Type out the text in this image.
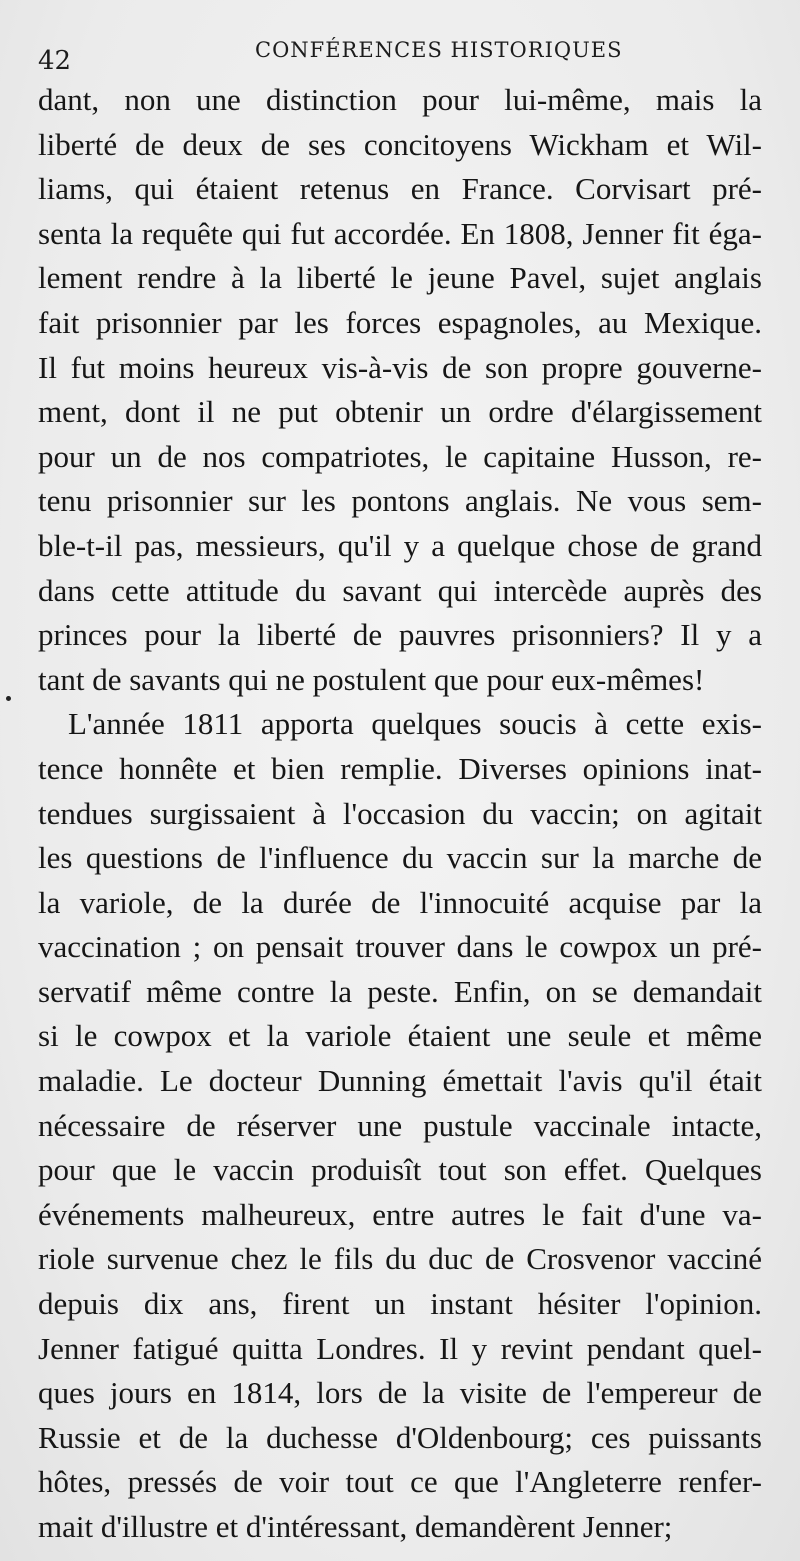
42	CONFÉRENCES HISTORIQUES
dant, non une distinction pour lui-même, mais la
liberté de deux de ses concitoyens Wickham et Wil-
liams, qui étaient retenus en France. Corvisart pré-
senta la requête qui fut accordée. En 1808, Jenner fit éga-
lement rendre à la liberté le jeune Pavel, sujet anglais
fait prisonnier par les forces espagnoles, au Mexique.
Il fut moins heureux vis-à-vis de son propre gouverne-
ment, dont il ne put obtenir un ordre d'élargissement
pour un de nos compatriotes, le capitaine Husson, re-
tenu prisonnier sur les pontons anglais. Ne vous sem-
ble-t-il pas, messieurs, qu'il y a quelque chose de grand
dans cette attitude du savant qui intercède auprès des
princes pour la liberté de pauvres prisonniers? Il y a
tant de savants qui ne postulent que pour eux-mêmes!
L'année 1811 apporta quelques soucis à cette exis-
tence honnête et bien remplie. Diverses opinions inat-
tendues surgissaient à l'occasion du vaccin; on agitait
les questions de l'influence du vaccin sur la marche de
la variole, de la durée de l'innocuité acquise par la
vaccination ; on pensait trouver dans le cowpox un pré-
servatif même contre la peste. Enfin, on se demandait
si le cowpox et la variole étaient une seule et même
maladie. Le docteur Dunning émettait l'avis qu'il était
nécessaire de réserver une pustule vaccinale intacte,
pour que le vaccin produisît tout son effet. Quelques
événements malheureux, entre autres le fait d'une va-
riole survenue chez le fils du duc de Crosvenor vacciné
depuis dix ans, firent un instant hésiter l'opinion.
Jenner fatigué quitta Londres. Il y revint pendant quel-
ques jours en 1814, lors de la visite de l'empereur de
Russie et de la duchesse d'Oldenbourg; ces puissants
hôtes, pressés de voir tout ce que l'Angleterre renfer-
mait d'illustre et d'intéressant, demandèrent Jenner;
